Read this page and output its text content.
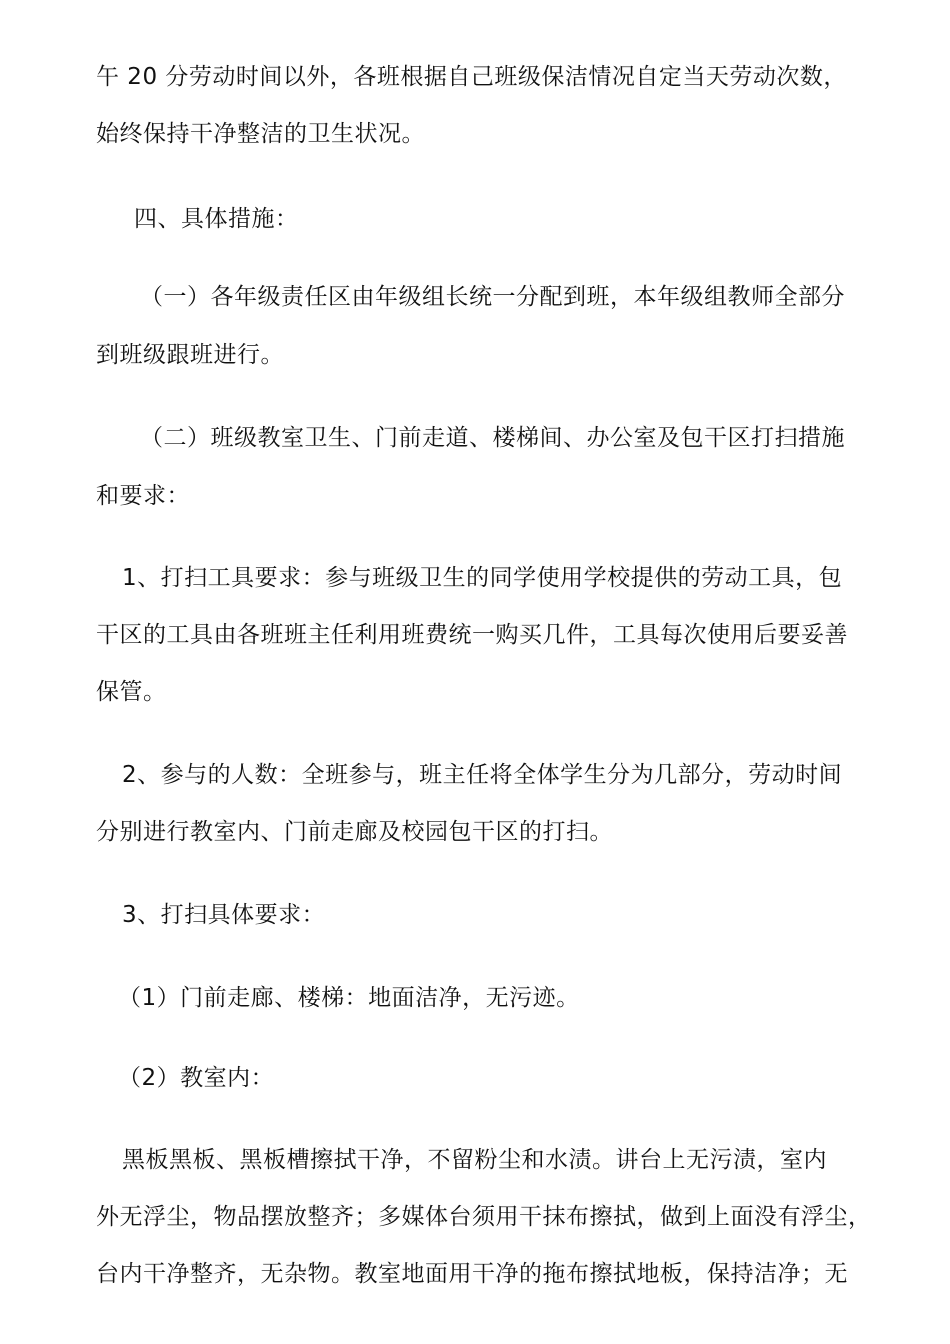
午 20 分劳动时间以外，各班根据自己班级保洁情况自定当天劳动次数，
始终保持干净整洁的卫生状况。
四、具体措施：
（一）各年级责任区由年级组长统一分配到班，本年级组教师全部分
到班级跟班进行。
（二）班级教室卫生、门前走道、楼梯间、办公室及包干区打扫措施
和要求：
1、打扫工具要求：参与班级卫生的同学使用学校提供的劳动工具，包
干区的工具由各班班主任利用班费统一购买几件，工具每次使用后要妥善
保管。
2、参与的人数：全班参与，班主任将全体学生分为几部分，劳动时间
分别进行教室内、门前走廊及校园包干区的打扫。
3、打扫具体要求：
（1）门前走廊、楼梯：地面洁净，无污迹。
（2）教室内：
黑板黑板、黑板槽擦拭干净，不留粉尘和水渍。讲台上无污渍，室内
外无浮尘，物品摆放整齐；多媒体台须用干抹布擦拭，做到上面没有浮尘，
台内干净整齐，无杂物。教室地面用干净的拖布擦拭地板，保持洁净；无
